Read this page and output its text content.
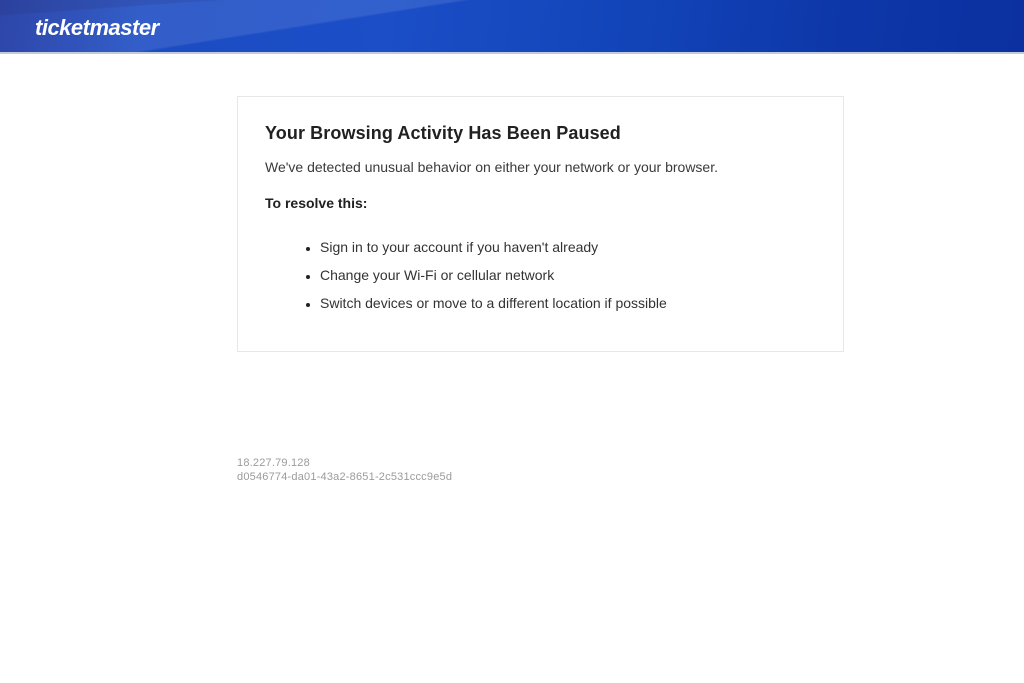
ticketmaster
Your Browsing Activity Has Been Paused
We've detected unusual behavior on either your network or your browser.
To resolve this:
• Sign in to your account if you haven't already
• Change your Wi-Fi or cellular network
• Switch devices or move to a different location if possible
18.227.79.128
d0546774-da01-43a2-8651-2c531ccc9e5d
